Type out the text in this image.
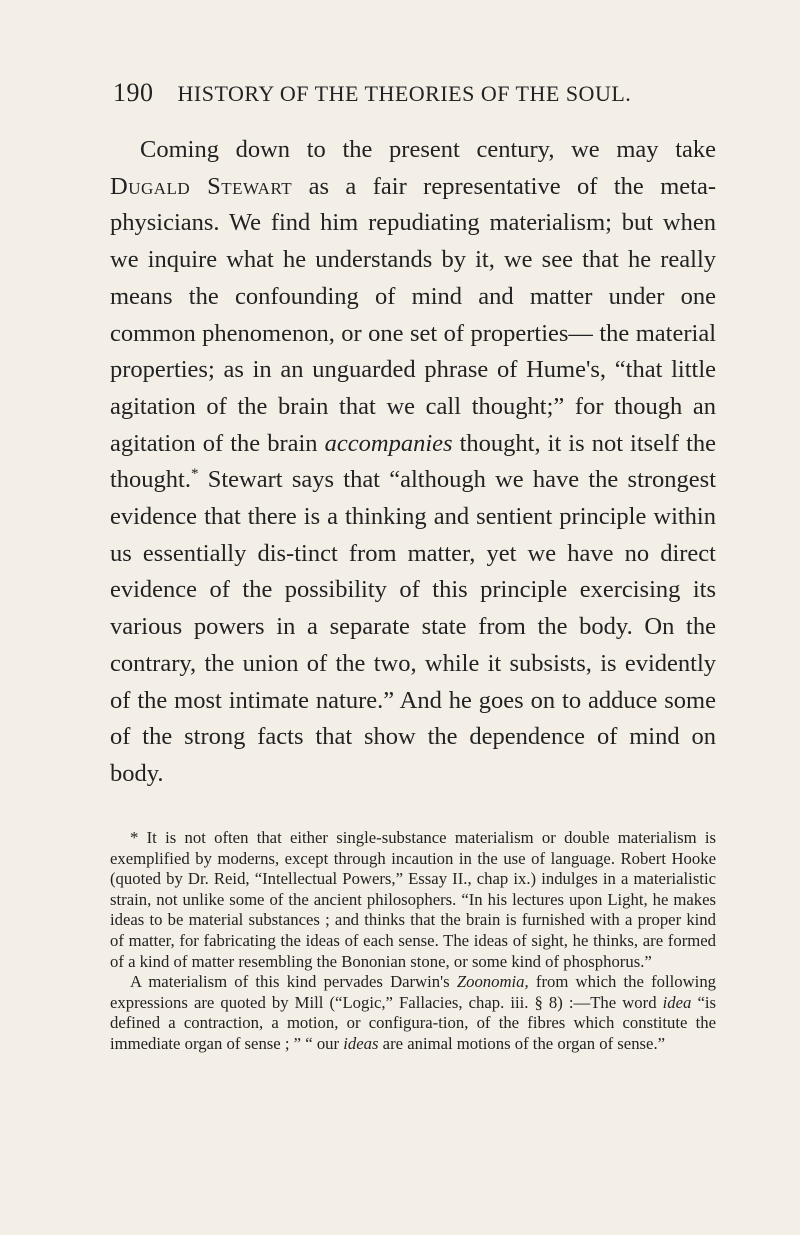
190 HISTORY OF THE THEORIES OF THE SOUL.

Coming down to the present century, we may take Dugald Stewart as a fair representative of the meta-physicians. We find him repudiating materialism; but when we inquire what he understands by it, we see that he really means the confounding of mind and matter under one common phenomenon, or one set of properties— the material properties; as in an unguarded phrase of Hume's, “that little agitation of the brain that we call thought;” for though an agitation of the brain accompanies thought, it is not itself the thought.* Stewart says that “although we have the strongest evidence that there is a thinking and sentient principle within us essentially dis-tinct from matter, yet we have no direct evidence of the possibility of this principle exercising its various powers in a separate state from the body. On the contrary, the union of the two, while it subsists, is evidently of the most intimate nature.” And he goes on to adduce some of the strong facts that show the dependence of mind on body.

* It is not often that either single-substance materialism or double materialism is exemplified by moderns, except through incaution in the use of language. Robert Hooke (quoted by Dr. Reid, “Intellectual Powers,” Essay II., chap ix.) indulges in a materialistic strain, not unlike some of the ancient philosophers. “In his lectures upon Light, he makes ideas to be material substances ; and thinks that the brain is furnished with a proper kind of matter, for fabricating the ideas of each sense. The ideas of sight, he thinks, are formed of a kind of matter resembling the Bononian stone, or some kind of phosphorus.”

A materialism of this kind pervades Darwin's Zoonomia, from which the following expressions are quoted by Mill (“Logic,” Fallacies, chap. iii. § 8) :—The word idea “is defined a contraction, a motion, or configura-tion, of the fibres which constitute the immediate organ of sense ; ” “ our ideas are animal motions of the organ of sense.”
